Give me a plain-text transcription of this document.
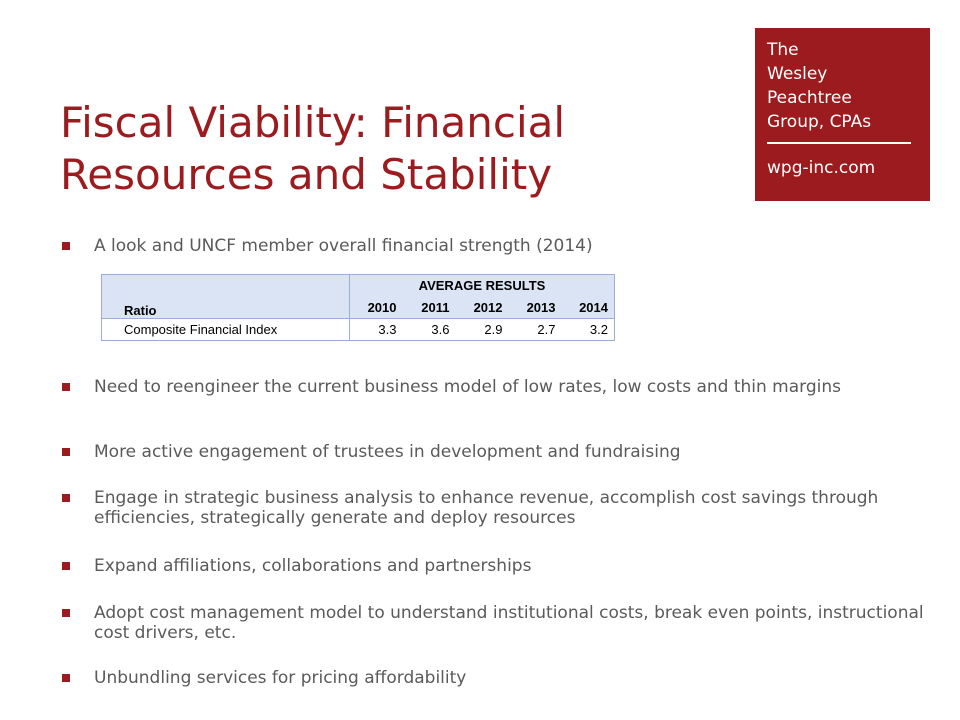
Fiscal Viability: Financial
Resources and Stability
The
Wesley
Peachtree
Group, CPAs
wpg-inc.com
A look and UNCF member overall financial strength (2014)
Ratio	AVERAGE RESULTS				
	2010	2011	2012	2013	2014
Composite Financial Index	3.3	3.6	2.9	2.7	3.2
Need to reengineer the current business model of low rates, low costs and thin margins
More active engagement of trustees in development and fundraising
Engage in strategic business analysis to enhance revenue, accomplish cost savings through efficiencies, strategically generate and deploy resources
Expand affiliations, collaborations and partnerships
Adopt cost management model to understand institutional costs, break even points, instructional cost drivers, etc.
Unbundling services for pricing affordability
